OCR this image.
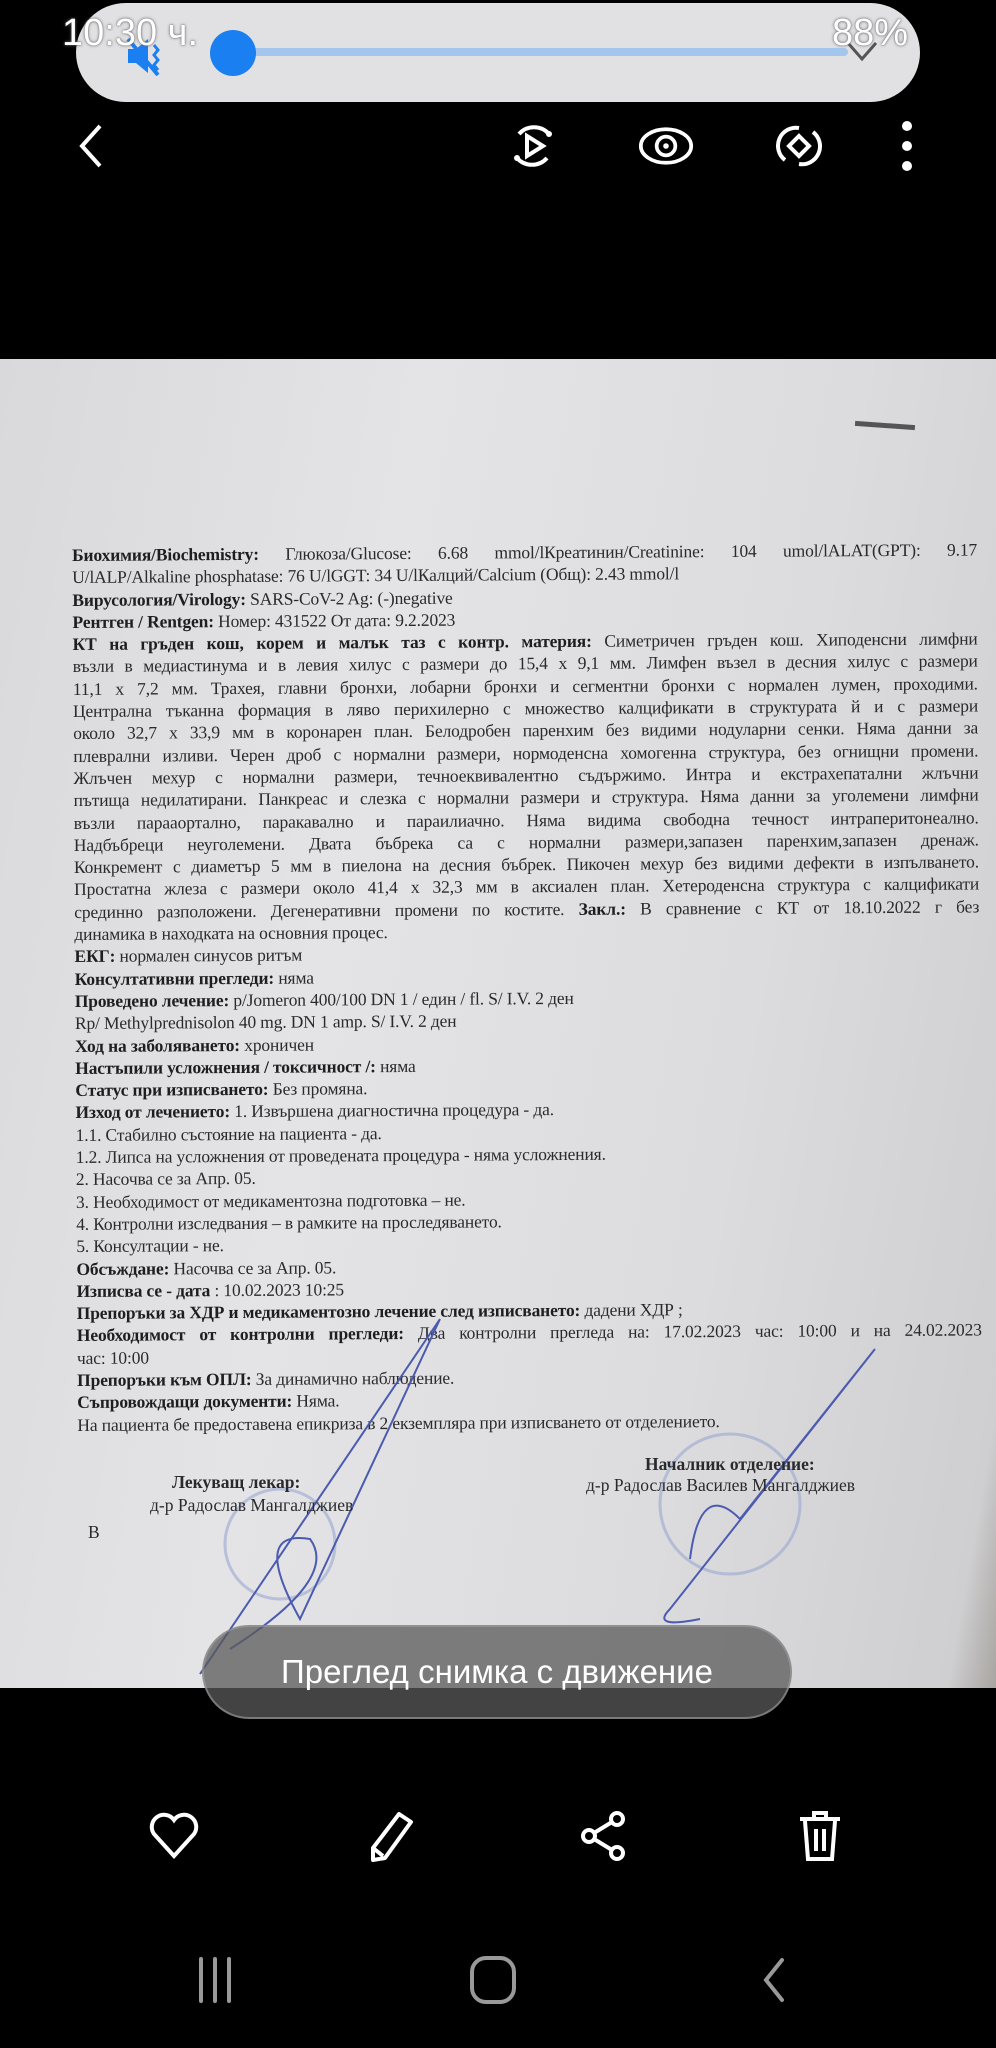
10:30 ч.	88%
Биохимия/Biochemistry: Глюкоза/Glucose: 6.68 mmol/lКреатинин/Creatinine: 104 umol/lALAT(GPT): 9.17
U/lALP/Alkaline phosphatase: 76 U/lGGT: 34 U/lКалций/Calcium (Общ): 2.43 mmol/l
Вирусология/Virology: SARS-CoV-2 Ag: (-)negative
Рентген / Rentgen: Номер: 431522 От дата: 9.2.2023
КТ на гръден кош, корем и малък таз с контр. материя: Симетричен гръден кош. Хиподенсни лимфни
възли в медиастинума и в левия хилус с размери до 15,4 x 9,1 мм. Лимфен възел в десния хилус с размери
11,1 x 7,2 мм. Трахея, главни бронхи, лобарни бронхи и сегментни бронхи с нормален лумен, проходими.
Централна тъканна формация в ляво перихилерно с множество калцификати в структурата й и с размери
около 32,7 x 33,9 мм в коронарен план. Белодробен паренхим без видими нодуларни сенки. Няма данни за
плеврални изливи. Черен дроб с нормални размери, нормоденсна хомогенна структура, без огнищни промени.
Жлъчен мехур с нормални размери, течноеквивалентно съдържимо. Интра и екстрахепатални жлъчни
пътища недилатирани. Панкреас и слезка с нормални размери и структура. Няма данни за уголемени лимфни
възли парааортално, паракавално и параилиачно. Няма видима свободна течност интраперитонеално.
Надбъбреци неуголемени. Двата бъбрека са с нормални размери,запазен паренхим,запазен дренаж.
Конкремент с диаметър 5 мм в пиелона на десния бъбрек. Пикочен мехур без видими дефекти в изпълването.
Простатна жлеза с размери около 41,4 x 32,3 мм в аксиален план. Хетероденсна структура с калцификати
срединно разположени. Дегенеративни промени по костите. Закл.: В сравнение с КТ от 18.10.2022 г без
динамика в находката на основния процес.
ЕКГ: нормален синусов ритъм
Консултативни прегледи: няма
Проведено лечение: p/Jomeron 400/100 DN 1 / един / fl. S/ I.V. 2 ден
Rp/ Methylprednisolon 40 mg. DN 1 amp. S/ I.V. 2 ден
Ход на заболяването: хроничен
Настъпили усложнения / токсичност /: няма
Статус при изписването: Без промяна.
Изход от лечението: 1. Извършена диагностична процедура - да.
1.1. Стабилно състояние на пациента - да.
1.2. Липса на усложнения от проведената процедура - няма усложнения.
2. Насочва се за Апр. 05.
3. Необходимост от медикаментозна подготовка – не.
4. Контролни изследвания – в рамките на проследяването.
5. Консултации - не.
Обсъждане: Насочва се за Апр. 05.
Изписва се - дата : 10.02.2023 10:25
Препоръки за ХДР и медикаментозно лечение след изписването: дадени ХДР ;
Необходимост от контролни прегледи: Два контролни прегледа на: 17.02.2023 час: 10:00 и на 24.02.2023
час: 10:00
Препоръки към ОПЛ: За динамично наблюдение.
Съпровождащи документи: Няма.
На пациента бе предоставена епикриза в 2 екземпляра при изписването от отделението.
Лекуващ лекар:
д-р Радослав Мангалджиев
Началник отделение:
д-р Радослав Василев Мангалджиев
В
Преглед снимка с движение
